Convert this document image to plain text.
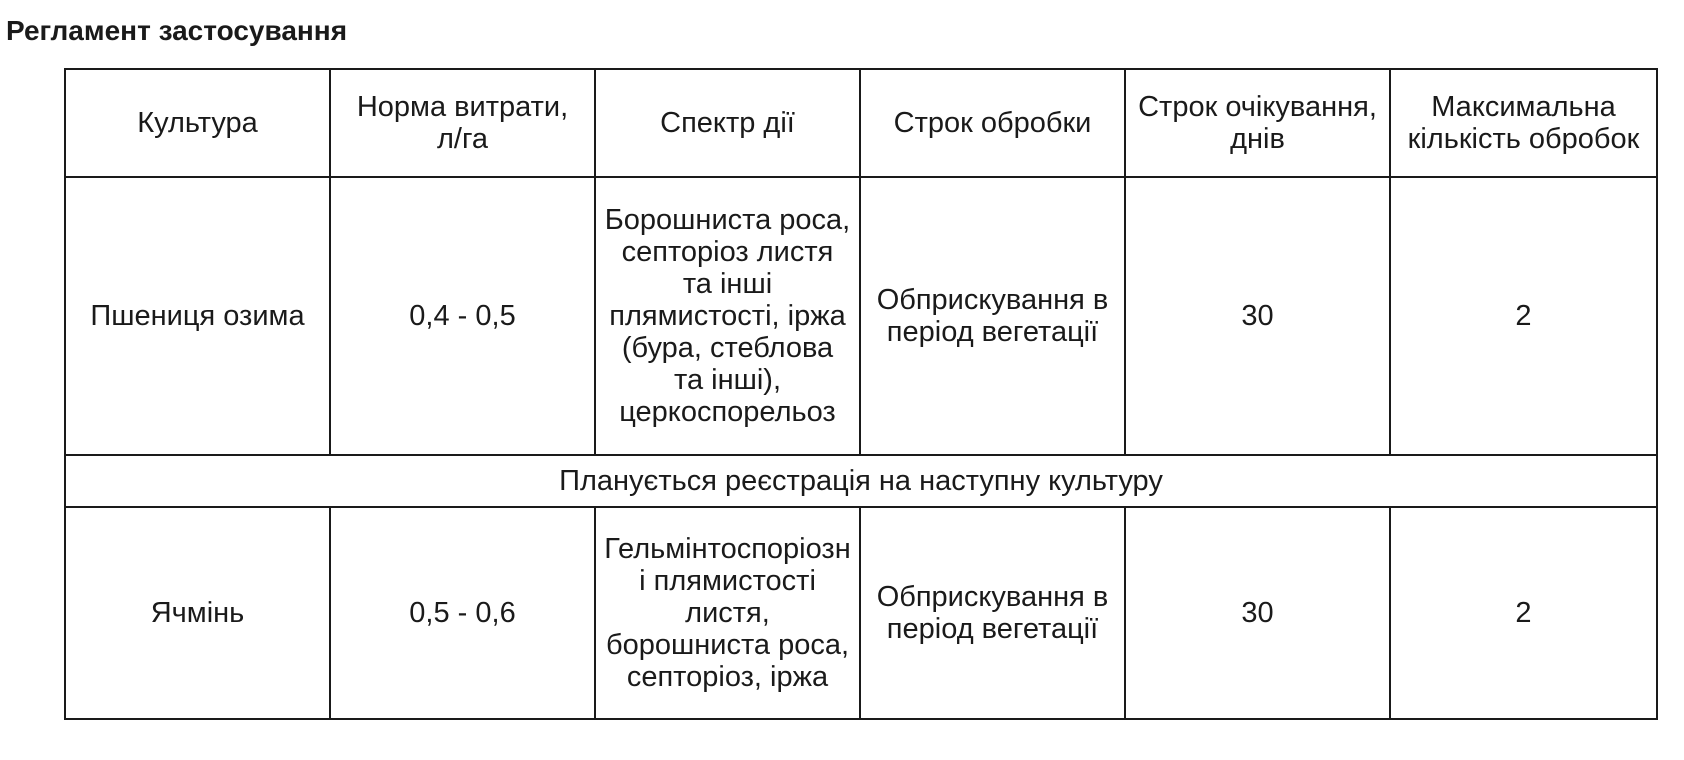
Регламент застосування
Культура	Норма витрати, л/га	Спектр дії	Строк обробки	Строк очікування, днів	Максимальна кількість обробок

Пшениця озима	0,4 - 0,5	Борошниста роса, септоріоз листя та інші плямистості, іржа (бура, стеблова та інші), церкоспорельоз	Обприскування в період вегетації	30	2
Планується реєстрація на наступну культуру					
Ячмінь	0,5 - 0,6	Гельмінтоспоріозні плямистості листя, борошниста роса, септоріоз, іржа	Обприскування в період вегетації	30	2
